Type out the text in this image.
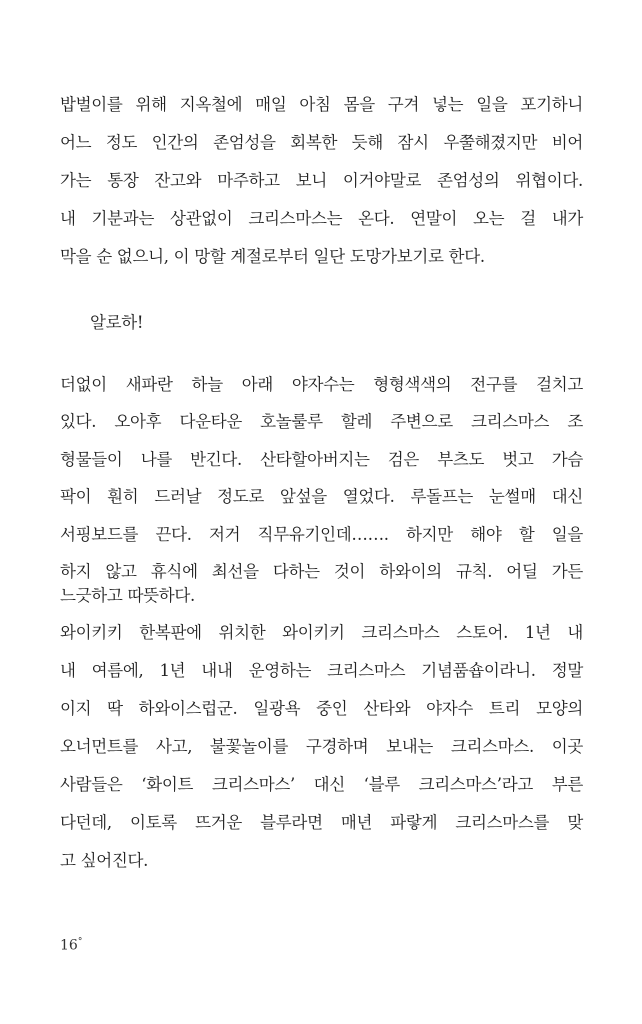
밥벌이를 위해 지옥철에 매일 아침 몸을 구겨 넣는 일을 포기하니
어느 정도 인간의 존엄성을 회복한 듯해 잠시 우쭐해졌지만 비어
가는 통장 잔고와 마주하고 보니 이거야말로 존엄성의 위협이다.
내 기분과는 상관없이 크리스마스는 온다. 연말이 오는 걸 내가
막을 순 없으니, 이 망할 계절로부터 일단 도망가보기로 한다.
알로하!
더없이 새파란 하늘 아래 야자수는 형형색색의 전구를 걸치고
있다. 오아후 다운타운 호놀룰루 할레 주변으로 크리스마스 조
형물들이 나를 반긴다. 산타할아버지는 검은 부츠도 벗고 가슴
팍이 훤히 드러날 정도로 앞섶을 열었다. 루돌프는 눈썰매 대신
서핑보드를 끈다. 저거 직무유기인데……. 하지만 해야 할 일을
하지 않고 휴식에 최선을 다하는 것이 하와이의 규칙. 어딜 가든
느긋하고 따뜻하다.
와이키키 한복판에 위치한 와이키키 크리스마스 스토어. 1년 내
내 여름에, 1년 내내 운영하는 크리스마스 기념품숍이라니. 정말
이지 딱 하와이스럽군. 일광욕 중인 산타와 야자수 트리 모양의
오너먼트를 사고, 불꽃놀이를 구경하며 보내는 크리스마스. 이곳
사람들은 ‘화이트 크리스마스’ 대신 ‘블루 크리스마스’라고 부른
다던데, 이토록 뜨거운 블루라면 매년 파랗게 크리스마스를 맞
고 싶어진다.
16°
